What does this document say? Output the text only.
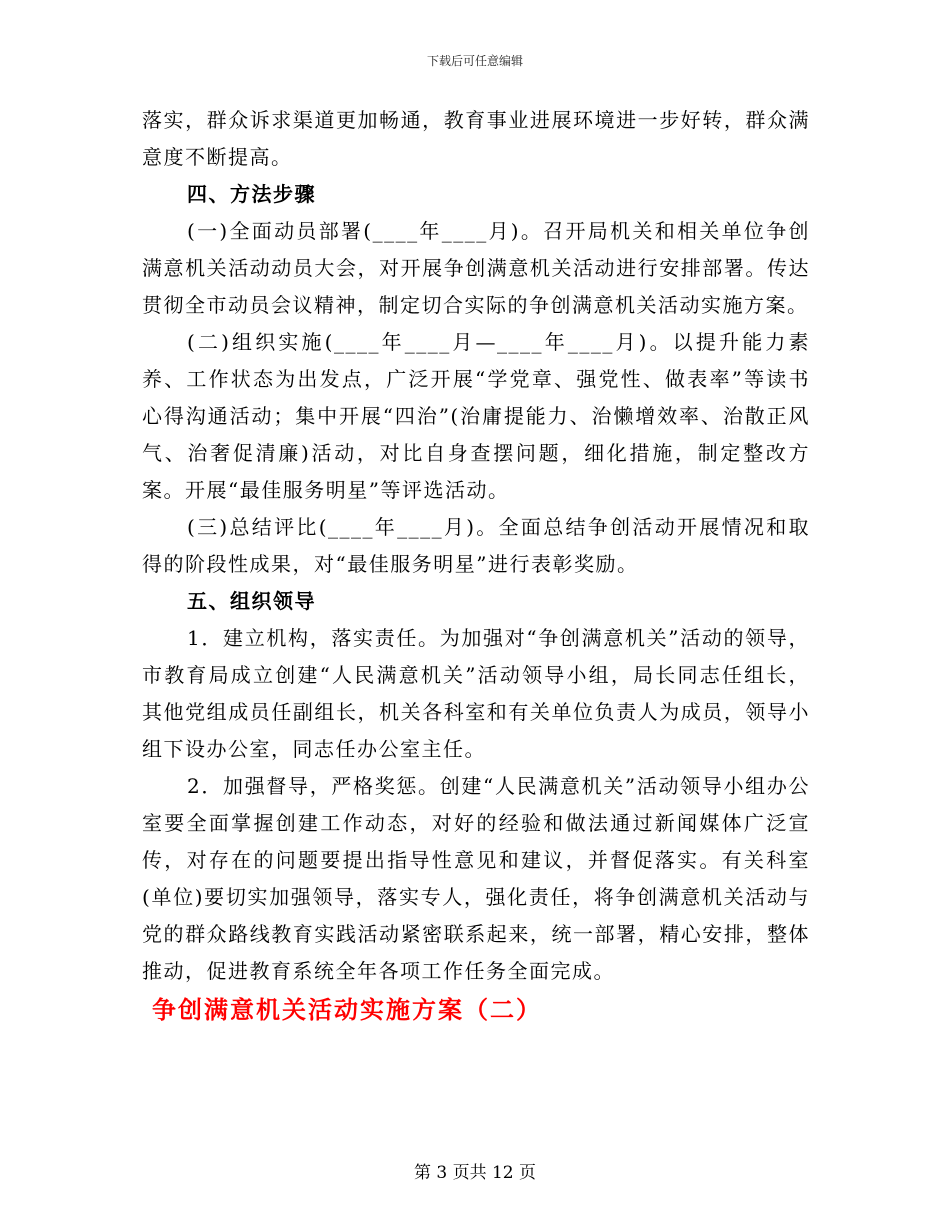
下载后可任意编辑

落实，群众诉求渠道更加畅通，教育事业进展环境进一步好转，群众满意度不断提高。

四、方法步骤

(一)全面动员部署(____年____月)。召开局机关和相关单位争创满意机关活动动员大会，对开展争创满意机关活动进行安排部署。传达贯彻全市动员会议精神，制定切合实际的争创满意机关活动实施方案。

(二)组织实施(____年____月—____年____月)。以提升能力素养、工作状态为出发点，广泛开展“学党章、强党性、做表率”等读书心得沟通活动；集中开展“四治”(治庸提能力、治懒增效率、治散正风气、治奢促清廉)活动，对比自身查摆问题，细化措施，制定整改方案。开展“最佳服务明星”等评选活动。

(三)总结评比(____年____月)。全面总结争创活动开展情况和取得的阶段性成果，对“最佳服务明星”进行表彰奖励。

五、组织领导

1．建立机构，落实责任。为加强对“争创满意机关”活动的领导，市教育局成立创建“人民满意机关”活动领导小组，局长同志任组长，其他党组成员任副组长，机关各科室和有关单位负责人为成员，领导小组下设办公室，同志任办公室主任。

2．加强督导，严格奖惩。创建“人民满意机关”活动领导小组办公室要全面掌握创建工作动态，对好的经验和做法通过新闻媒体广泛宣传，对存在的问题要提出指导性意见和建议，并督促落实。有关科室(单位)要切实加强领导，落实专人，强化责任，将争创满意机关活动与党的群众路线教育实践活动紧密联系起来，统一部署，精心安排，整体推动，促进教育系统全年各项工作任务全面完成。

争创满意机关活动实施方案（二）

第 3 页共 12 页
